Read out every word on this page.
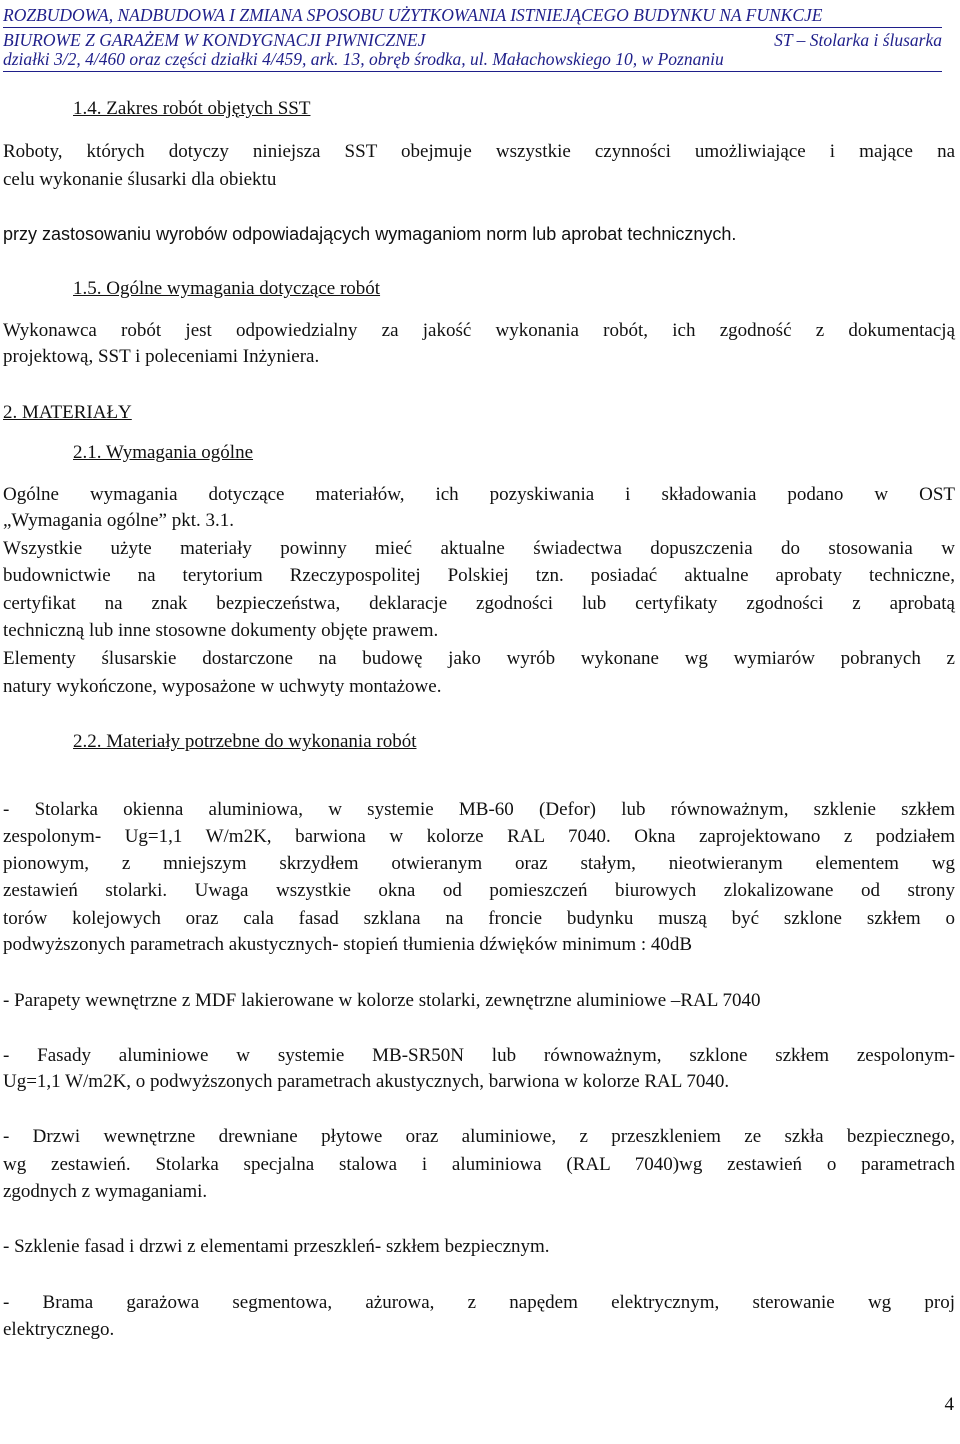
ROZBUDOWA, NADBUDOWA I ZMIANA SPOSOBU UŻYTKOWANIA ISTNIEJĄCEGO BUDYNKU NA FUNKCJE
BIUROWE Z GARAŻEM W KONDYGNACJI PIWNICZNEJ	ST – Stolarka i ślusarka
działki 3/2, 4/460 oraz części działki 4/459, ark. 13, obręb środka, ul. Małachowskiego 10, w Poznaniu
1.4. Zakres robót objętych SST
Roboty, których dotyczy niniejsza SST obejmuje wszystkie czynności umożliwiające i mające na
celu wykonanie ślusarki dla obiektu
przy zastosowaniu wyrobów odpowiadających wymaganiom norm lub aprobat technicznych.
1.5. Ogólne wymagania dotyczące robót
Wykonawca robót jest odpowiedzialny za jakość wykonania robót, ich zgodność z dokumentacją
projektową, SST i poleceniami Inżyniera.
2. MATERIAŁY
2.1. Wymagania ogólne
Ogólne wymagania dotyczące materiałów, ich pozyskiwania i składowania podano w OST
„Wymagania ogólne” pkt. 3.1.
Wszystkie użyte materiały powinny mieć aktualne świadectwa dopuszczenia do stosowania w
budownictwie na terytorium Rzeczypospolitej Polskiej tzn. posiadać aktualne aprobaty techniczne,
certyfikat na znak bezpieczeństwa, deklaracje zgodności lub certyfikaty zgodności z aprobatą
techniczną lub inne stosowne dokumenty objęte prawem.
Elementy ślusarskie dostarczone na budowę jako wyrób wykonane wg wymiarów pobranych z
natury wykończone, wyposażone w uchwyty montażowe.
2.2. Materiały potrzebne do wykonania robót
- Stolarka okienna aluminiowa, w systemie MB-60 (Defor) lub równoważnym, szklenie szkłem
zespolonym- Ug=1,1 W/m2K, barwiona w kolorze RAL 7040. Okna zaprojektowano z podziałem
pionowym, z mniejszym skrzydłem otwieranym oraz stałym, nieotwieranym elementem wg
zestawień stolarki. Uwaga wszystkie okna od pomieszczeń biurowych zlokalizowane od strony
torów kolejowych oraz cala fasad szklana na froncie budynku muszą być szklone szkłem o
podwyższonych parametrach akustycznych- stopień tłumienia dźwięków minimum : 40dB
- Parapety wewnętrzne z MDF lakierowane w kolorze stolarki, zewnętrzne aluminiowe –RAL 7040
- Fasady aluminiowe w systemie MB-SR50N lub równoważnym, szklone szkłem zespolonym-
Ug=1,1 W/m2K, o podwyższonych parametrach akustycznych, barwiona w kolorze RAL 7040.
- Drzwi wewnętrzne drewniane płytowe oraz aluminiowe, z przeszkleniem ze szkła bezpiecznego,
wg zestawień. Stolarka specjalna stalowa i aluminiowa (RAL 7040)wg zestawień o parametrach
zgodnych z wymaganiami.
- Szklenie fasad i drzwi z elementami przeszkleń- szkłem bezpiecznym.
- Brama garażowa segmentowa, ażurowa, z napędem elektrycznym, sterowanie wg proj
elektrycznego.
4
